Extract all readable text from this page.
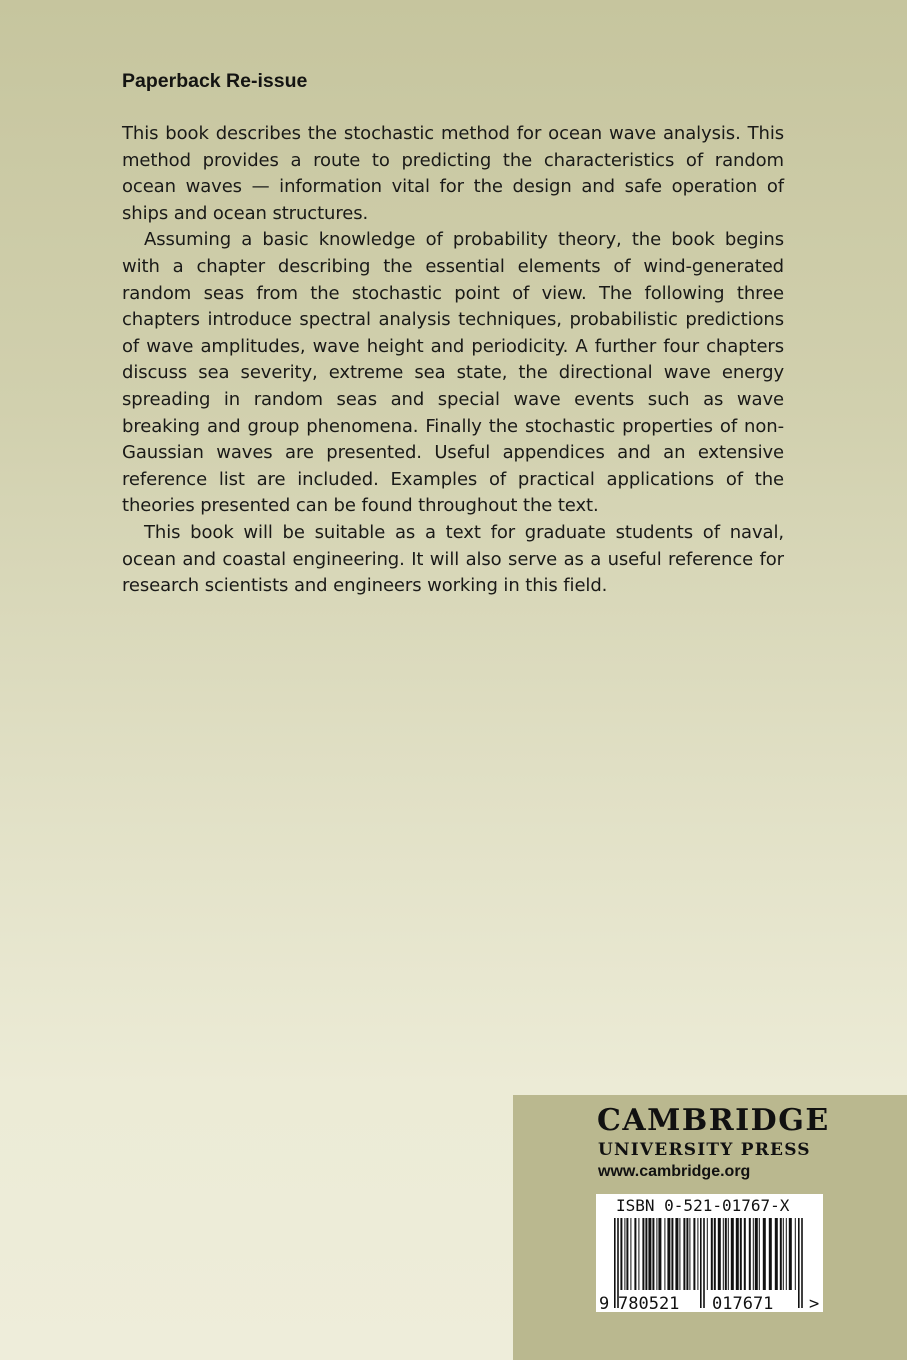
Paperback Re-issue

This book describes the stochastic method for ocean wave analysis. This method provides a route to predicting the characteristics of random ocean waves — information vital for the design and safe operation of ships and ocean structures.

Assuming a basic knowledge of probability theory, the book begins with a chapter describing the essential elements of wind-generated random seas from the stochastic point of view. The following three chapters introduce spectral analysis techniques, probabilistic predictions of wave amplitudes, wave height and periodicity. A further four chapters discuss sea severity, extreme sea state, the directional wave energy spreading in random seas and special wave events such as wave breaking and group phenomena. Finally the stochastic properties of non-Gaussian waves are presented. Useful appendices and an extensive reference list are included. Examples of practical applications of the theories presented can be found throughout the text.

This book will be suitable as a text for graduate students of naval, ocean and coastal engineering. It will also serve as a useful reference for research scientists and engineers working in this field.

CAMBRIDGE
UNIVERSITY PRESS
www.cambridge.org
ISBN 0-521-01767-X
9 780521 017671 >
